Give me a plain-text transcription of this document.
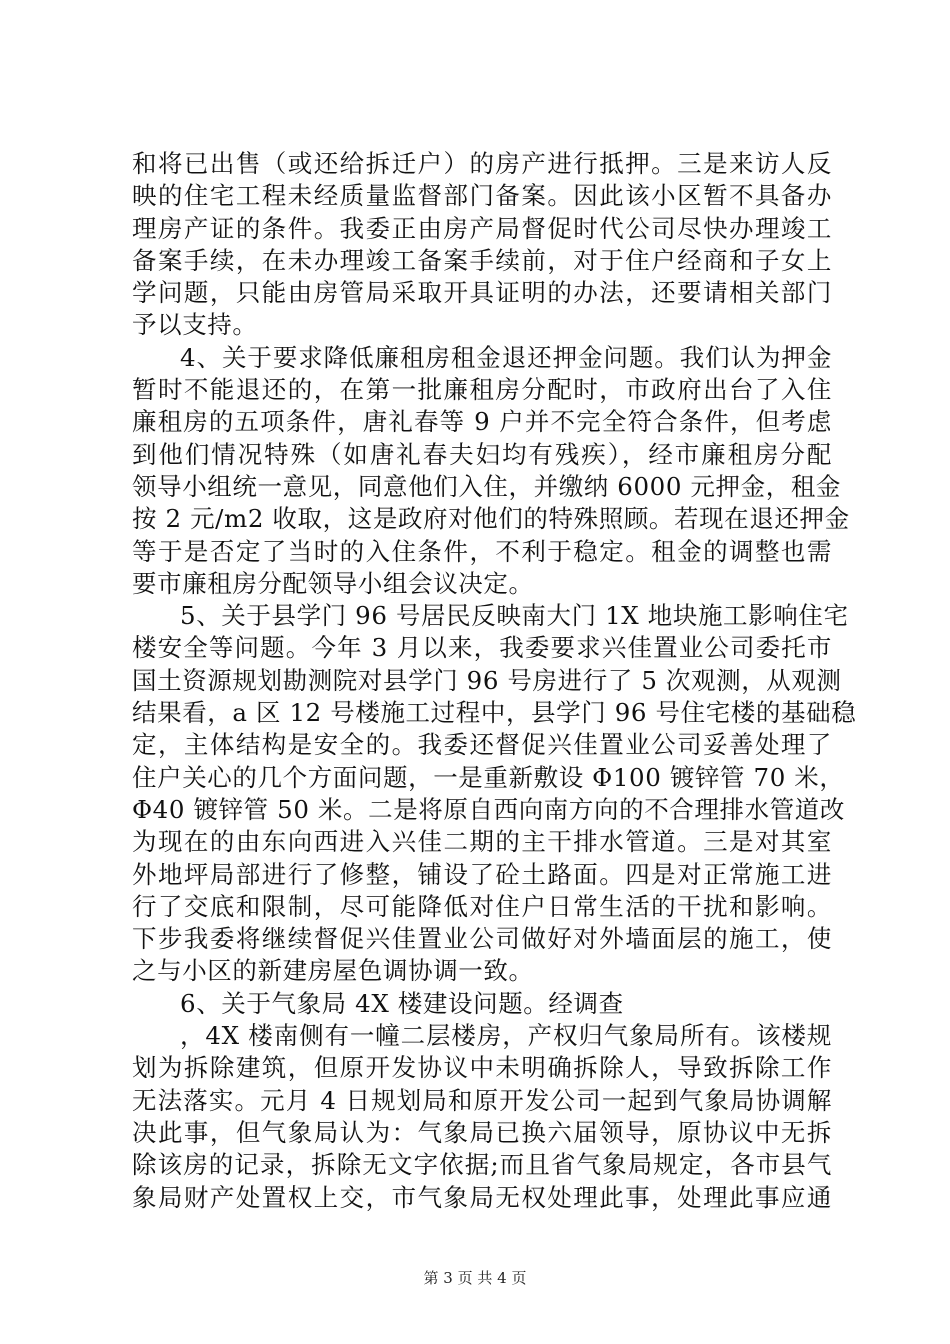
和将已出售（或还给拆迁户）的房产进行抵押。三是来访人反
映的住宅工程未经质量监督部门备案。因此该小区暂不具备办
理房产证的条件。我委正由房产局督促时代公司尽快办理竣工
备案手续，在未办理竣工备案手续前，对于住户经商和子女上
学问题，只能由房管局采取开具证明的办法，还要请相关部门
予以支持。
4、关于要求降低廉租房租金退还押金问题。我们认为押金
暂时不能退还的，在第一批廉租房分配时，市政府出台了入住
廉租房的五项条件，唐礼春等 9 户并不完全符合条件，但考虑
到他们情况特殊（如唐礼春夫妇均有残疾），经市廉租房分配
领导小组统一意见，同意他们入住，并缴纳 6000 元押金，租金
按 2 元/m2 收取，这是政府对他们的特殊照顾。若现在退还押金
等于是否定了当时的入住条件，不利于稳定。租金的调整也需
要市廉租房分配领导小组会议决定。
5、关于县学门 96 号居民反映南大门 1X 地块施工影响住宅
楼安全等问题。今年 3 月以来，我委要求兴佳置业公司委托市
国土资源规划勘测院对县学门 96 号房进行了 5 次观测，从观测
结果看，a 区 12 号楼施工过程中，县学门 96 号住宅楼的基础稳
定，主体结构是安全的。我委还督促兴佳置业公司妥善处理了
住户关心的几个方面问题，一是重新敷设 Φ100 镀锌管 70 米，
Φ40 镀锌管 50 米。二是将原自西向南方向的不合理排水管道改
为现在的由东向西进入兴佳二期的主干排水管道。三是对其室
外地坪局部进行了修整，铺设了砼土路面。四是对正常施工进
行了交底和限制，尽可能降低对住户日常生活的干扰和影响。
下步我委将继续督促兴佳置业公司做好对外墙面层的施工，使
之与小区的新建房屋色调协调一致。
6、关于气象局 4X 楼建设问题。经调查
，4X 楼南侧有一幢二层楼房，产权归气象局所有。该楼规
划为拆除建筑，但原开发协议中未明确拆除人，导致拆除工作
无法落实。元月 4 日规划局和原开发公司一起到气象局协调解
决此事，但气象局认为：气象局已换六届领导，原协议中无拆
除该房的记录，拆除无文字依据;而且省气象局规定，各市县气
象局财产处置权上交，市气象局无权处理此事，处理此事应通
第 3 页 共 4 页
